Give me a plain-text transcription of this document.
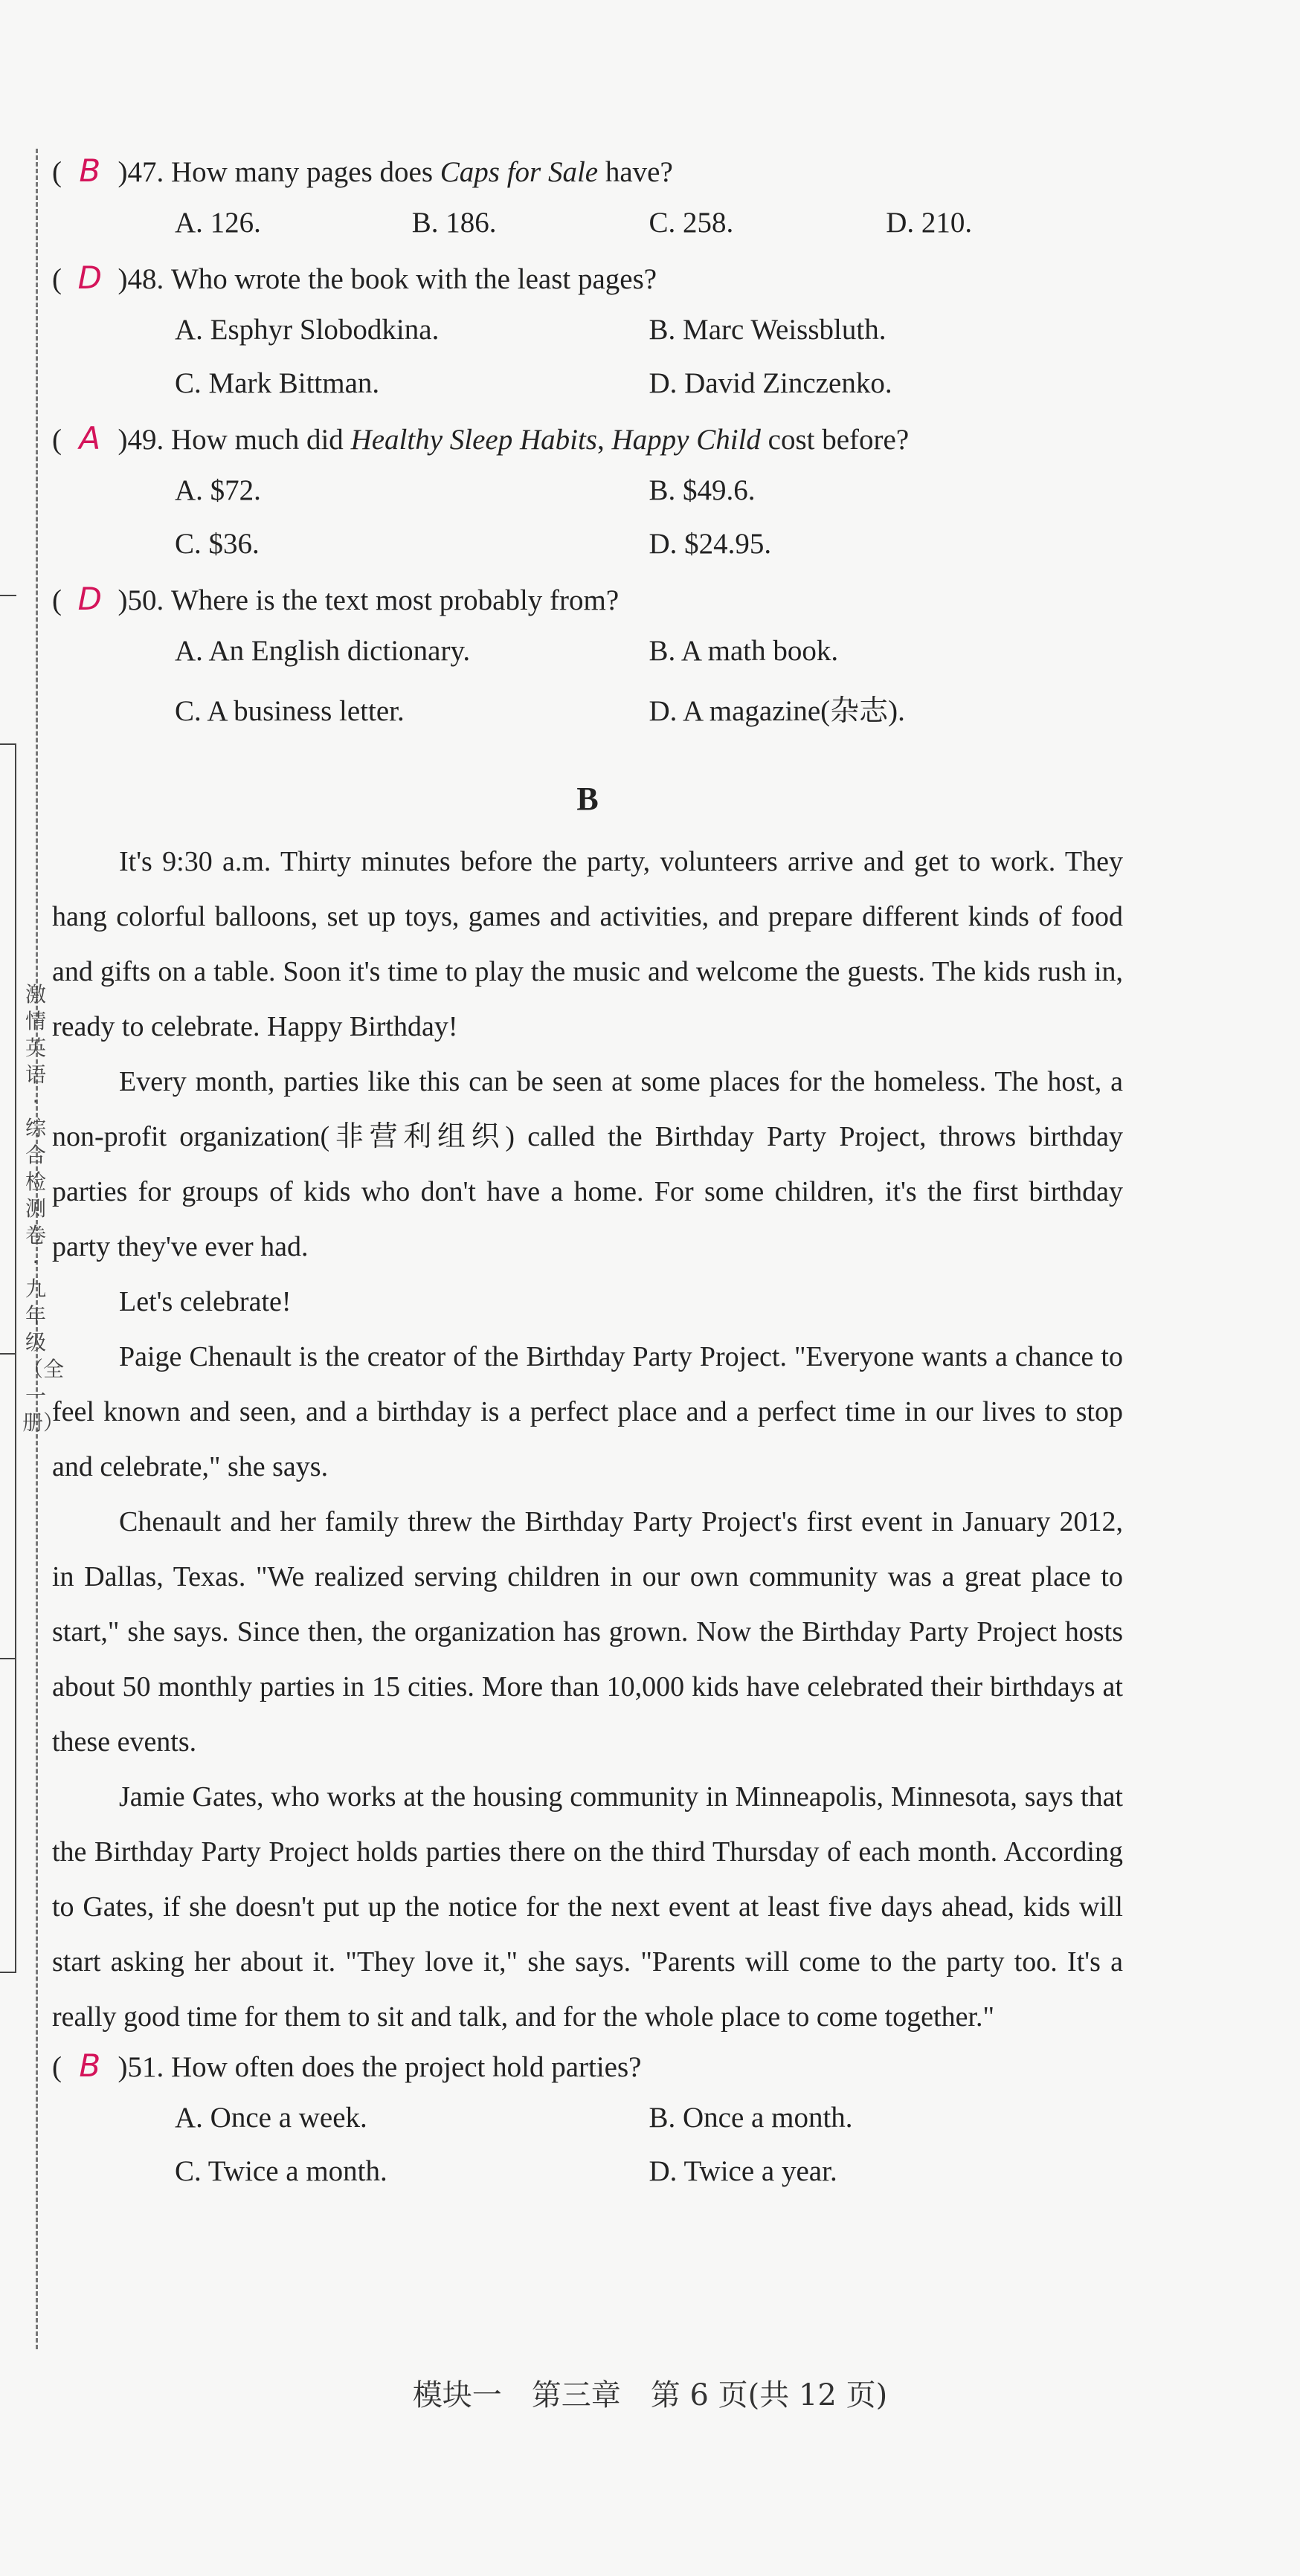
激情英语·综合检测卷·九年级（全一册）
( B )47. How many pages does Caps for Sale have?
A. 126.	B. 186.	C. 258.	D. 210.
( D )48. Who wrote the book with the least pages?
A. Esphyr Slobodkina.	B. Marc Weissbluth.
C. Mark Bittman.	D. David Zinczenko.
( A )49. How much did Healthy Sleep Habits, Happy Child cost before?
A. $72.	B. $49.6.
C. $36.	D. $24.95.
( D )50. Where is the text most probably from?
A. An English dictionary.	B. A math book.
C. A business letter.	D. A magazine(杂志).
B

It's 9:30 a.m. Thirty minutes before the party, volunteers arrive and get to work. They hang colorful balloons, set up toys, games and activities, and prepare different kinds of food and gifts on a table. Soon it's time to play the music and welcome the guests. The kids rush in, ready to celebrate. Happy Birthday!

Every month, parties like this can be seen at some places for the homeless. The host, a non-profit organization(非营利组织) called the Birthday Party Project, throws birthday parties for groups of kids who don't have a home. For some children, it's the first birthday party they've ever had.

Let's celebrate!

Paige Chenault is the creator of the Birthday Party Project. "Everyone wants a chance to feel known and seen, and a birthday is a perfect place and a perfect time in our lives to stop and celebrate," she says.

Chenault and her family threw the Birthday Party Project's first event in January 2012, in Dallas, Texas. "We realized serving children in our own community was a great place to start," she says. Since then, the organization has grown. Now the Birthday Party Project hosts about 50 monthly parties in 15 cities. More than 10,000 kids have celebrated their birthdays at these events.

Jamie Gates, who works at the housing community in Minneapolis, Minnesota, says that the Birthday Party Project holds parties there on the third Thursday of each month. According to Gates, if she doesn't put up the notice for the next event at least five days ahead, kids will start asking her about it. "They love it," she says. "Parents will come to the party too. It's a really good time for them to sit and talk, and for the whole place to come together."

( B )51. How often does the project hold parties?
A. Once a week.	B. Once a month.
C. Twice a month.	D. Twice a year.
模块一　第三章　第 6 页(共 12 页)
